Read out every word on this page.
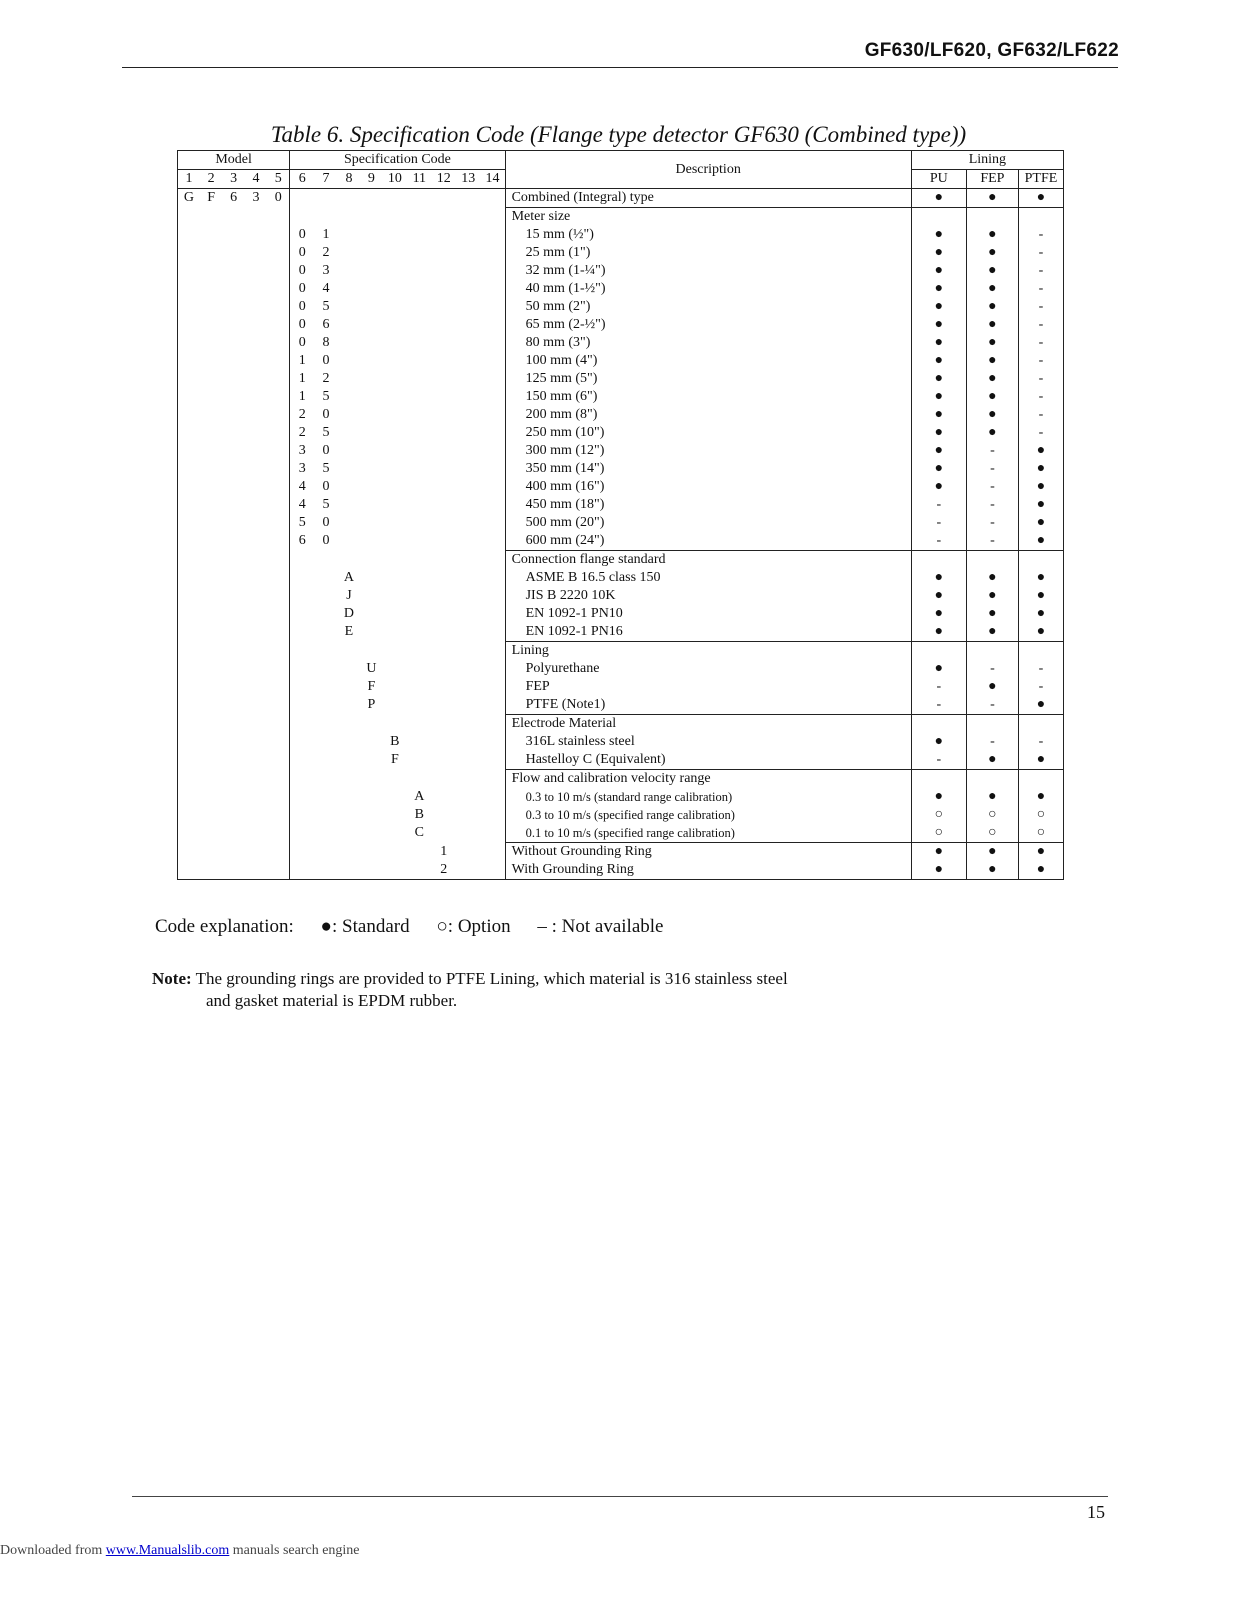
GF630/LF620, GF632/LF622
Table 6. Specification Code (Flange type detector GF630 (Combined type))
Model					Specification Code									Description	Lining		
1	2	3	4	5	6	7	8	9	10	11	12	13	14		PU	FEP	PTFE
G	F	6	3	0										Combined (Integral) type	●	●	●
														Meter size			
					0	1								15 mm (½")	●	●	-
					0	2								25 mm (1")	●	●	-
					0	3								32 mm (1-¼")	●	●	-
					0	4								40 mm (1-½")	●	●	-
					0	5								50 mm (2")	●	●	-
					0	6								65 mm (2-½")	●	●	-
					0	8								80 mm (3")	●	●	-
					1	0								100 mm (4")	●	●	-
					1	2								125 mm (5")	●	●	-
					1	5								150 mm (6")	●	●	-
					2	0								200 mm (8")	●	●	-
					2	5								250 mm (10")	●	●	-
					3	0								300 mm (12")	●	-	●
					3	5								350 mm (14")	●	-	●
					4	0								400 mm (16")	●	-	●
					4	5								450 mm (18")	-	-	●
					5	0								500 mm (20")	-	-	●
					6	0								600 mm (24")	-	-	●
														Connection flange standard			
							A							ASME B 16.5 class 150	●	●	●
							J							JIS B 2220 10K	●	●	●
							D							EN 1092-1 PN10	●	●	●
							E							EN 1092-1 PN16	●	●	●
														Lining			
								U						Polyurethane	●	-	-
								F						FEP	-	●	-
								P						PTFE (Note1)	-	-	●
														Electrode Material			
									B					316L stainless steel	●	-	-
									F					Hastelloy C (Equivalent)	-	●	●
														Flow and calibration velocity range			
										A				0.3 to 10 m/s (standard range calibration)	●	●	●
										B				0.3 to 10 m/s (specified range calibration)	○	○	○
										C				0.1 to 10 m/s (specified range calibration)	○	○	○
											1			Without Grounding Ring	●	●	●
											2			With Grounding Ring	●	●	●
Code explanation: ●: Standard ○: Option – : Not available
Note: The grounding rings are provided to PTFE Lining, which material is 316 stainless steel
and gasket material is EPDM rubber.
15
Downloaded from www.Manualslib.com manuals search engine
